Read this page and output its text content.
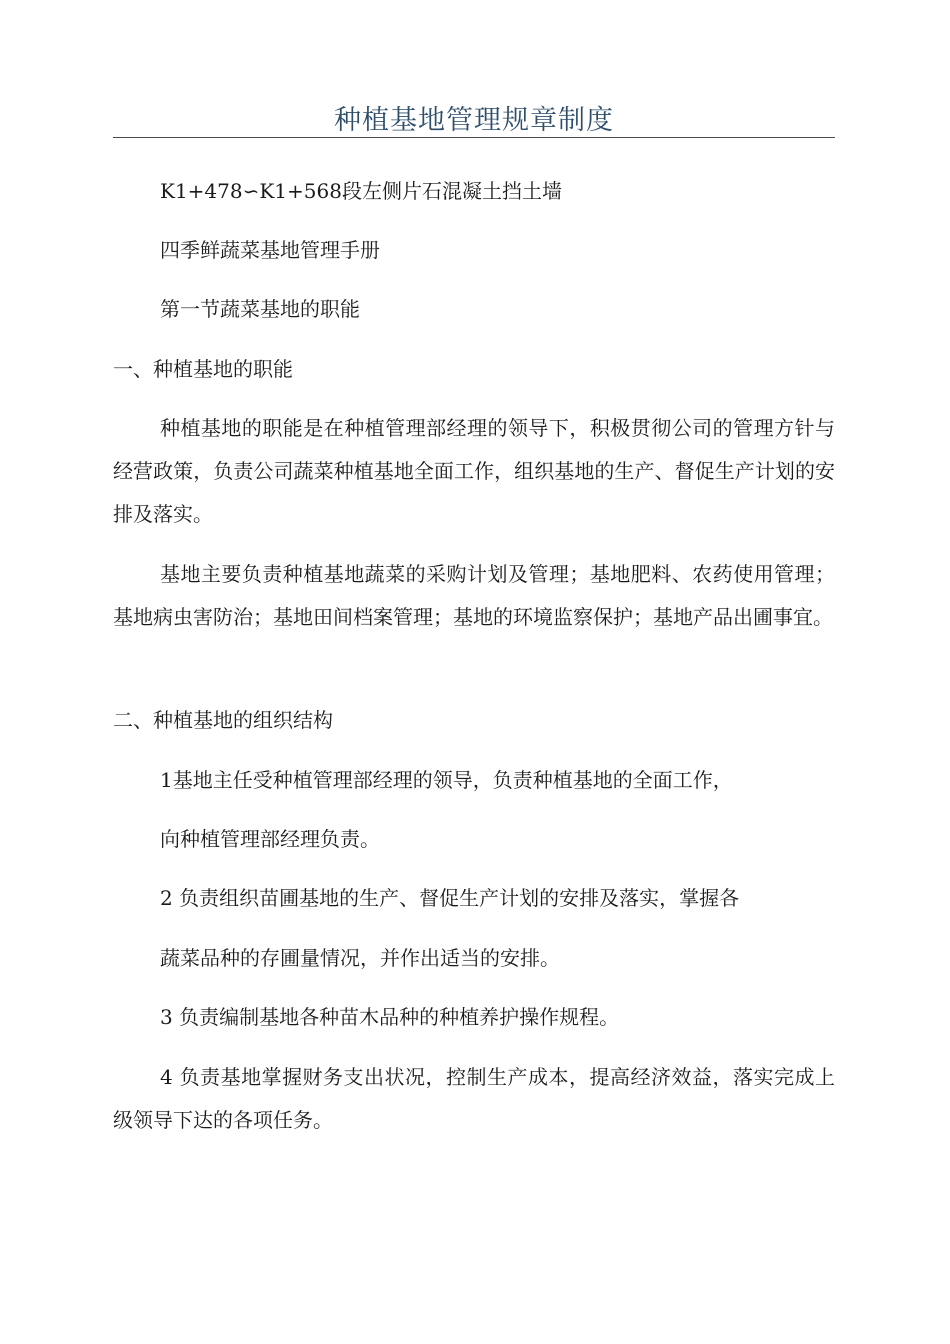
种植基地管理规章制度

K1+478∽K1+568段左侧片石混凝土挡土墙

四季鲜蔬菜基地管理手册

第一节蔬菜基地的职能

一、种植基地的职能

种植基地的职能是在种植管理部经理的领导下，积极贯彻公司的管理方针与经营政策，负责公司蔬菜种植基地全面工作，组织基地的生产、督促生产计划的安排及落实。

基地主要负责种植基地蔬菜的采购计划及管理；基地肥料、农药使用管理；基地病虫害防治；基地田间档案管理；基地的环境监察保护；基地产品出圃事宜。

二、种植基地的组织结构

1基地主任受种植管理部经理的领导，负责种植基地的全面工作，

向种植管理部经理负责。

2 负责组织苗圃基地的生产、督促生产计划的安排及落实，掌握各

蔬菜品种的存圃量情况，并作出适当的安排。

3 负责编制基地各种苗木品种的种植养护操作规程。

4 负责基地掌握财务支出状况，控制生产成本，提高经济效益，落实完成上级领导下达的各项任务。
